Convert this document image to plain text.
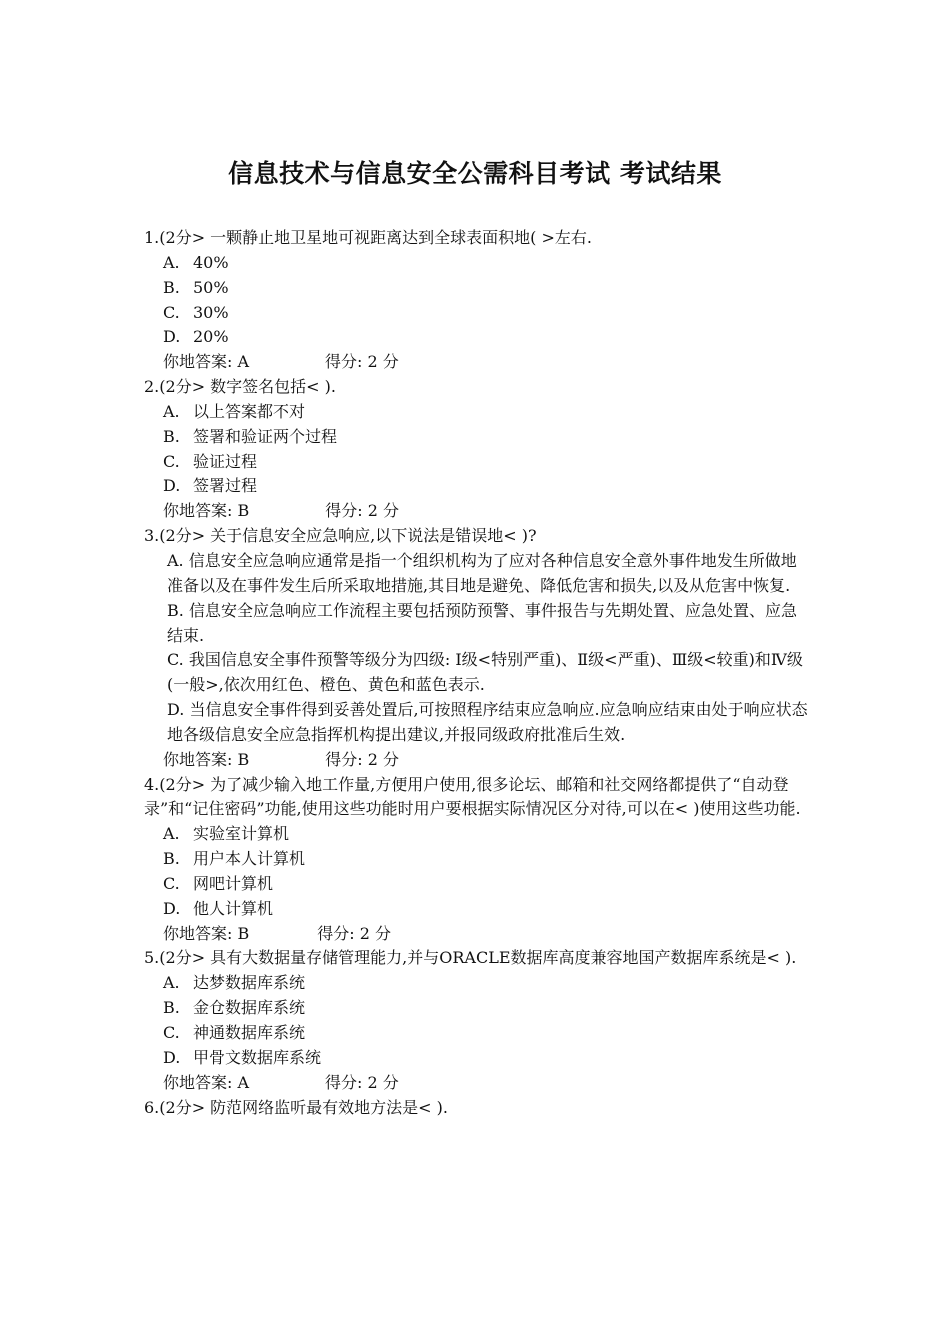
信息技术与信息安全公需科目考试 考试结果

1.(2分> 一颗静止地卫星地可视距离达到全球表面积地( >左右.

A. 40%

B. 50%

C. 30%

D. 20%

你地答案: A	得分: 2 分

2.(2分> 数字签名包括< ).

A. 以上答案都不对

B. 签署和验证两个过程

C. 验证过程

D. 签署过程

你地答案: B	得分: 2 分

3.(2分> 关于信息安全应急响应,以下说法是错误地< )?

A. 信息安全应急响应通常是指一个组织机构为了应对各种信息安全意外事件地发生所做地准备以及在事件发生后所采取地措施,其目地是避免、降低危害和损失,以及从危害中恢复.

B. 信息安全应急响应工作流程主要包括预防预警、事件报告与先期处置、应急处置、应急结束.

C. 我国信息安全事件预警等级分为四级: Ⅰ级<特别严重)、Ⅱ级<严重)、Ⅲ级<较重)和Ⅳ级 (一般>,依次用红色、橙色、黄色和蓝色表示.

D. 当信息安全事件得到妥善处置后,可按照程序结束应急响应.应急响应结束由处于响应状态地各级信息安全应急指挥机构提出建议,并报同级政府批准后生效.

你地答案: B	得分: 2 分

4.(2分> 为了减少输入地工作量,方便用户使用,很多论坛、邮箱和社交网络都提供了“自动登录”和“记住密码”功能,使用这些功能时用户要根据实际情况区分对待,可以在< )使用这些功能.

A. 实验室计算机

B. 用户本人计算机

C. 网吧计算机

D. 他人计算机

你地答案: B	得分: 2 分

5.(2分> 具有大数据量存储管理能力,并与ORACLE数据库高度兼容地国产数据库系统是< ).

A. 达梦数据库系统

B. 金仓数据库系统

C. 神通数据库系统

D. 甲骨文数据库系统

你地答案: A	得分: 2 分

6.(2分> 防范网络监听最有效地方法是< ).
